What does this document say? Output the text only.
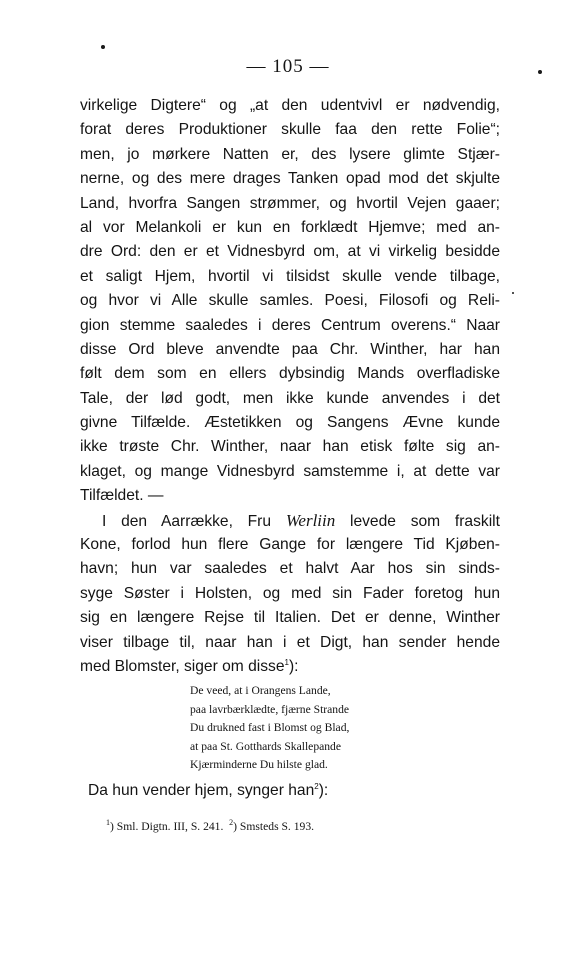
— 105 —
virkelige Digtere“ og „at den udentvivl er nødvendig,
forat deres Produktioner skulle faa den rette Folie“;
men, jo mørkere Natten er, des lysere glimte Stjær-
nerne, og des mere drages Tanken opad mod det skjulte
Land, hvorfra Sangen strømmer, og hvortil Vejen gaaer;
al vor Melankoli er kun en forklædt Hjemve; med an-
dre Ord: den er et Vidnesbyrd om, at vi virkelig besidde
et saligt Hjem, hvortil vi tilsidst skulle vende tilbage,
og hvor vi Alle skulle samles. Poesi, Filosofi og Reli-
gion stemme saaledes i deres Centrum overens.“ Naar
disse Ord bleve anvendte paa Chr. Winther, har han
følt dem som en ellers dybsindig Mands overfladiske
Tale, der lød godt, men ikke kunde anvendes i det
givne Tilfælde. Æstetikken og Sangens Ævne kunde
ikke trøste Chr. Winther, naar han etisk følte sig an-
klaget, og mange Vidnesbyrd samstemme i, at dette var
Tilfældet. —
I den Aarrække, Fru Werliin levede som fraskilt
Kone, forlod hun flere Gange for længere Tid Kjøben-
havn; hun var saaledes et halvt Aar hos sin sinds-
syge Søster i Holsten, og med sin Fader foretog hun
sig en længere Rejse til Italien. Det er denne, Winther
viser tilbage til, naar han i et Digt, han sender hende
med Blomster, siger om disse$^1$):
De veed, at i Orangens Lande,
paa lavrbærklædte, fjærne Strande
Du drukned fast i Blomst og Blad,
at paa St. Gotthards Skallepande
Kjærminderne Du hilste glad.
Da hun vender hjem, synger han$^2$):
$^1$) Sml. Digtn. III, S. 241. $^2$) Smsteds S. 193.
